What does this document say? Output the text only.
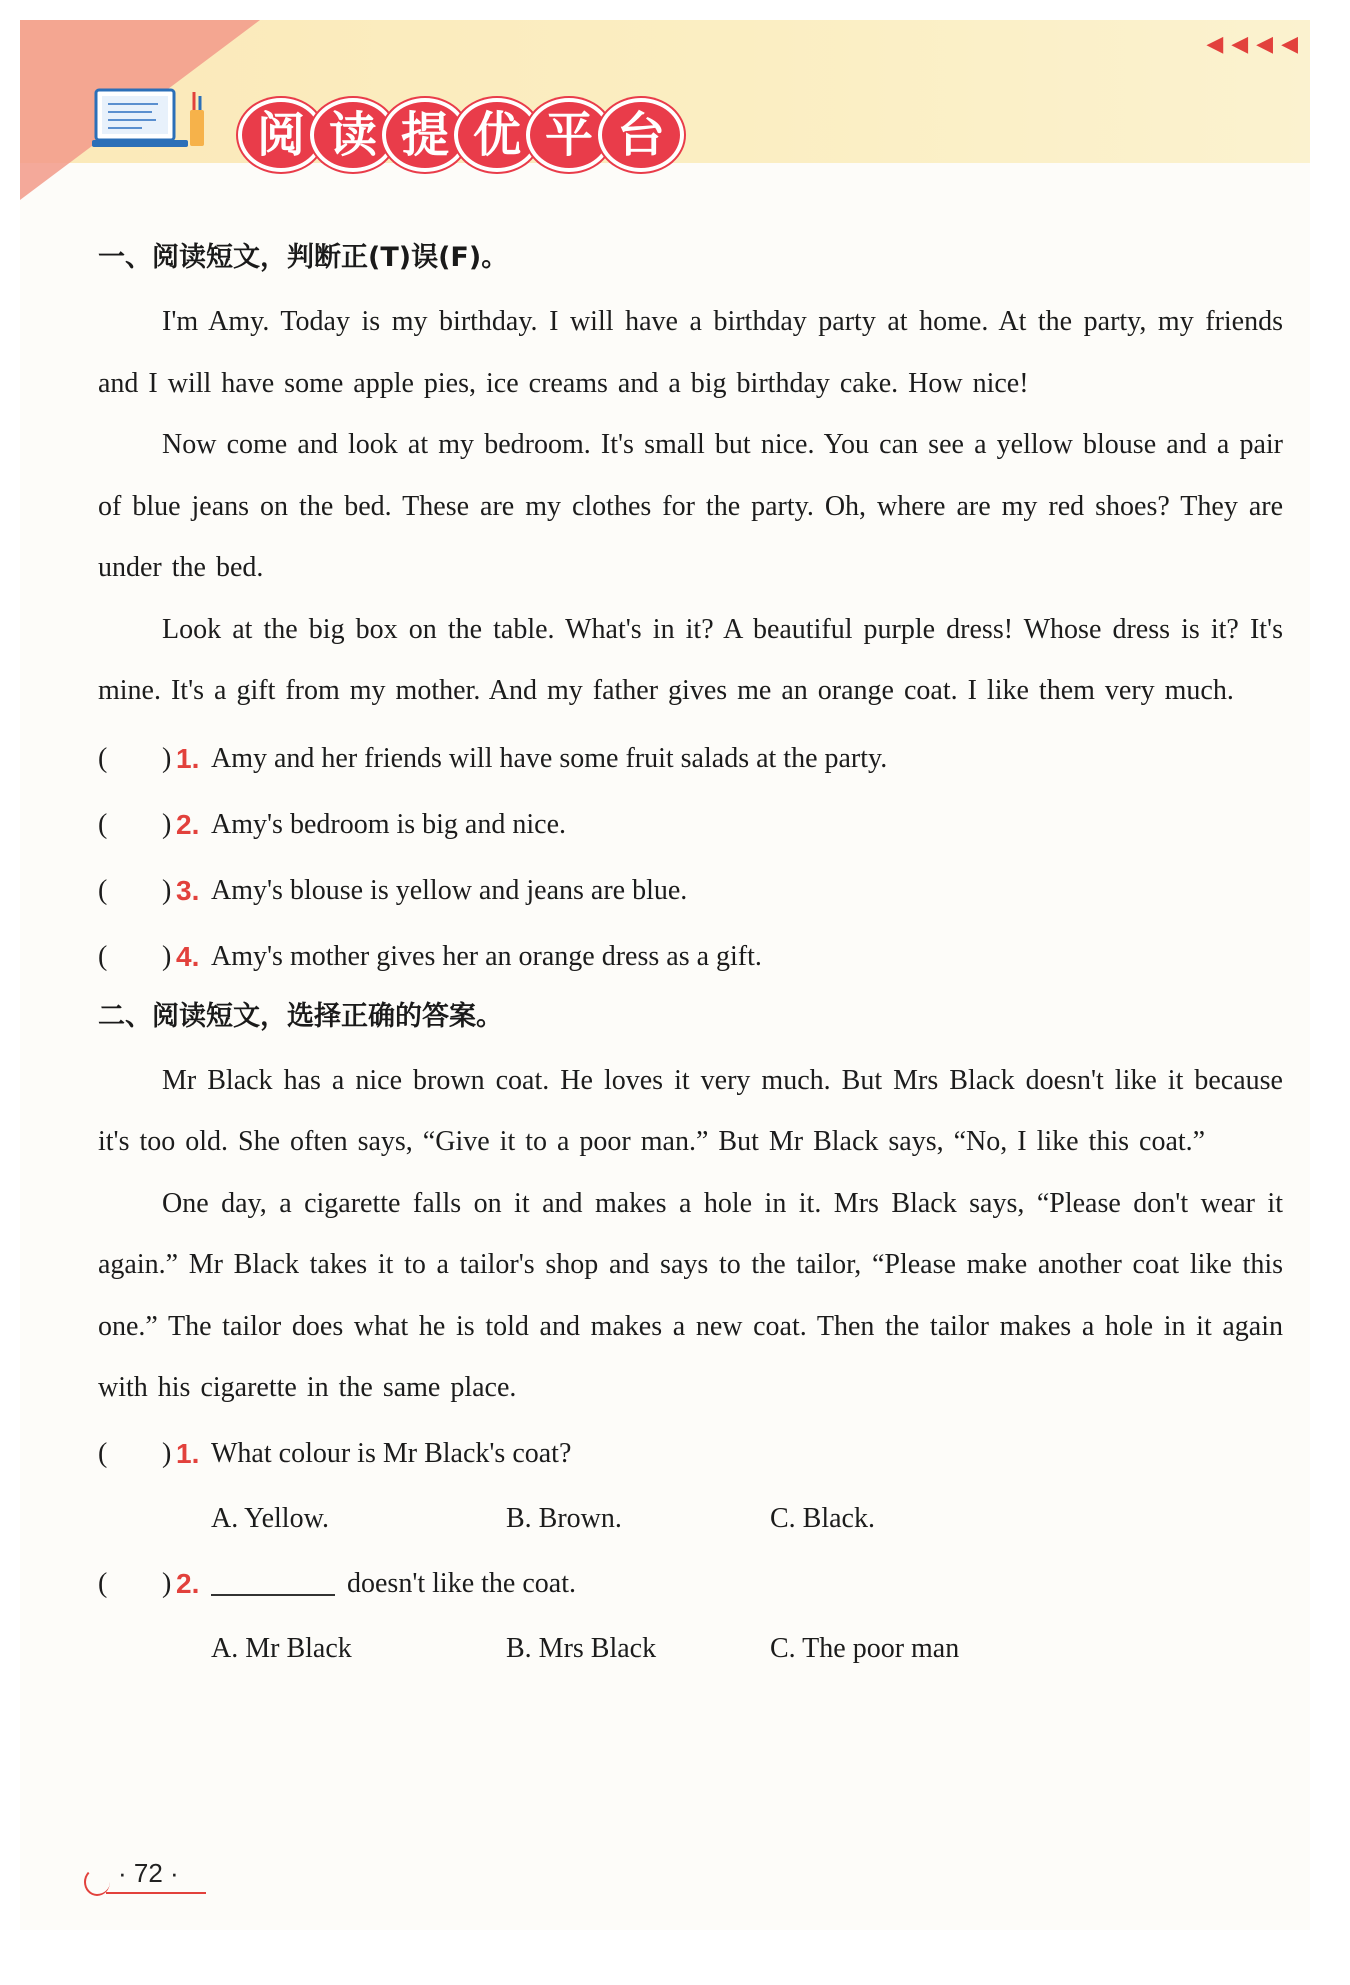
◀ ◀ ◀ ◀
阅 读 提 优 平 台
一、阅读短文，判断正(T)误(F)。

I'm Amy. Today is my birthday. I will have a birthday party at home. At the party, my friends and I will have some apple pies, ice creams and a big birthday cake. How nice!

Now come and look at my bedroom. It's small but nice. You can see a yellow blouse and a pair of blue jeans on the bed. These are my clothes for the party. Oh, where are my red shoes? They are under the bed.

Look at the big box on the table. What's in it? A beautiful purple dress! Whose dress is it? It's mine. It's a gift from my mother. And my father gives me an orange coat. I like them very much.

( ) 1. Amy and her friends will have some fruit salads at the party.
( ) 2. Amy's bedroom is big and nice.
( ) 3. Amy's blouse is yellow and jeans are blue.
( ) 4. Amy's mother gives her an orange dress as a gift.
二、阅读短文，选择正确的答案。

Mr Black has a nice brown coat. He loves it very much. But Mrs Black doesn't like it because it's too old. She often says, “Give it to a poor man.” But Mr Black says, “No, I like this coat.”

One day, a cigarette falls on it and makes a hole in it. Mrs Black says, “Please don't wear it again.” Mr Black takes it to a tailor's shop and says to the tailor, “Please make another coat like this one.” The tailor does what he is told and makes a new coat. Then the tailor makes a hole in it again with his cigarette in the same place.

( ) 1. What colour is Mr Black's coat?
A. Yellow.	B. Brown.	C. Black.
( ) 2.	doesn't like the coat.
A. Mr Black	B. Mrs Black	C. The poor man
· 72 ·
